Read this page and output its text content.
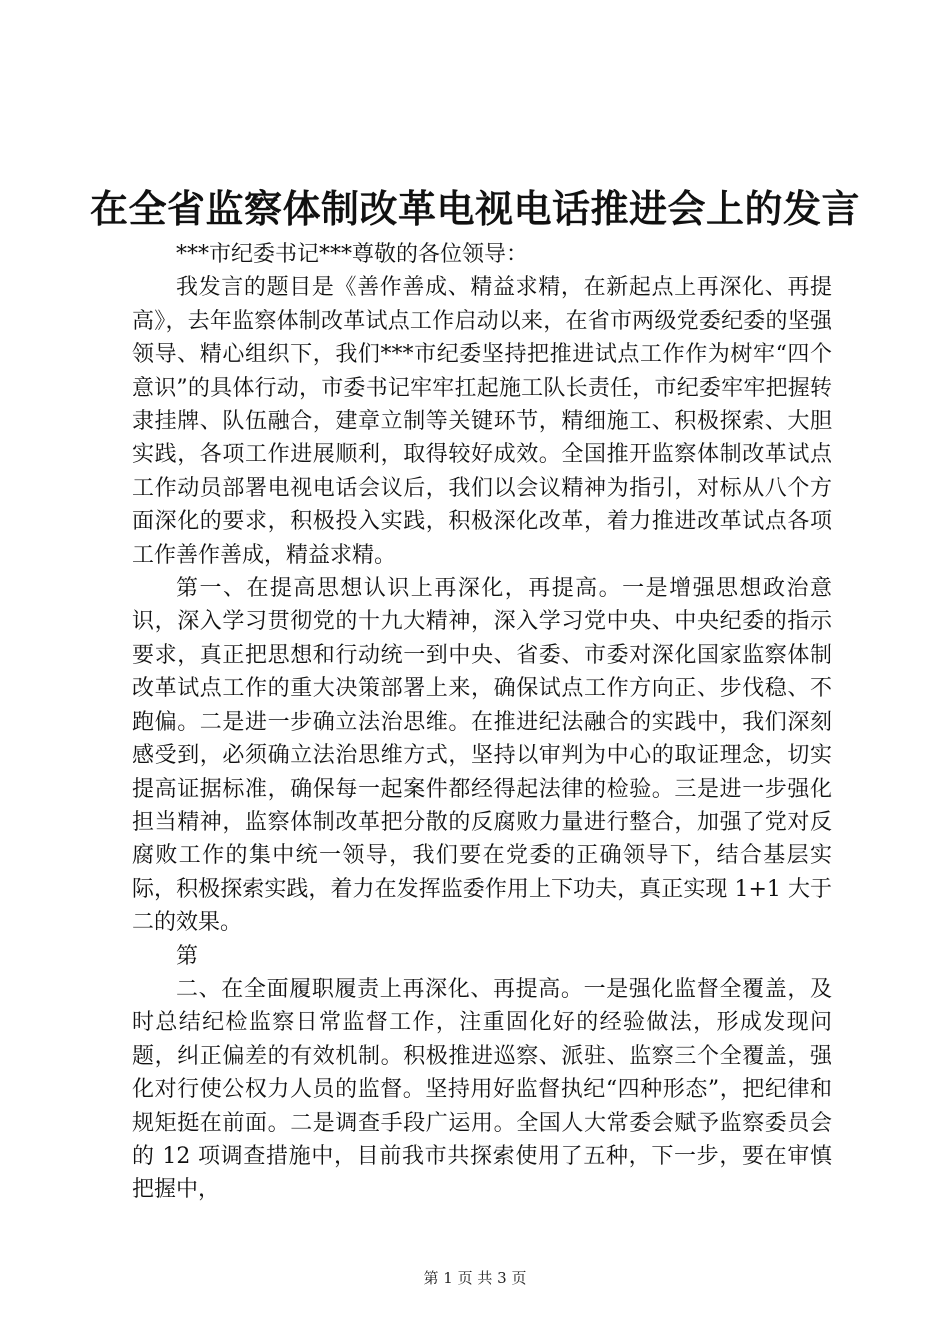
在全省监察体制改革电视电话推进会上的发言

***市纪委书记***尊敬的各位领导：

我发言的题目是《善作善成、精益求精，在新起点上再深化、再提高》，去年监察体制改革试点工作启动以来，在省市两级党委纪委的坚强领导、精心组织下，我们***市纪委坚持把推进试点工作作为树牢“四个意识”的具体行动，市委书记牢牢扛起施工队长责任，市纪委牢牢把握转隶挂牌、队伍融合，建章立制等关键环节，精细施工、积极探索、大胆实践，各项工作进展顺利，取得较好成效。全国推开监察体制改革试点工作动员部署电视电话会议后，我们以会议精神为指引，对标从八个方面深化的要求，积极投入实践，积极深化改革，着力推进改革试点各项工作善作善成，精益求精。

第一、在提高思想认识上再深化，再提高。一是增强思想政治意识，深入学习贯彻党的十九大精神，深入学习党中央、中央纪委的指示要求，真正把思想和行动统一到中央、省委、市委对深化国家监察体制改革试点工作的重大决策部署上来，确保试点工作方向正、步伐稳、不跑偏。二是进一步确立法治思维。在推进纪法融合的实践中，我们深刻感受到，必须确立法治思维方式，坚持以审判为中心的取证理念，切实提高证据标准，确保每一起案件都经得起法律的检验。三是进一步强化担当精神，监察体制改革把分散的反腐败力量进行整合，加强了党对反腐败工作的集中统一领导，我们要在党委的正确领导下，结合基层实际，积极探索实践，着力在发挥监委作用上下功夫，真正实现 1+1 大于二的效果。

第

二、在全面履职履责上再深化、再提高。一是强化监督全覆盖，及时总结纪检监察日常监督工作，注重固化好的经验做法，形成发现问题，纠正偏差的有效机制。积极推进巡察、派驻、监察三个全覆盖，强化对行使公权力人员的监督。坚持用好监督执纪“四种形态”，把纪律和规矩挺在前面。二是调查手段广运用。全国人大常委会赋予监察委员会的 12 项调查措施中，目前我市共探索使用了五种，下一步，要在审慎把握中，

第 1 页 共 3 页
